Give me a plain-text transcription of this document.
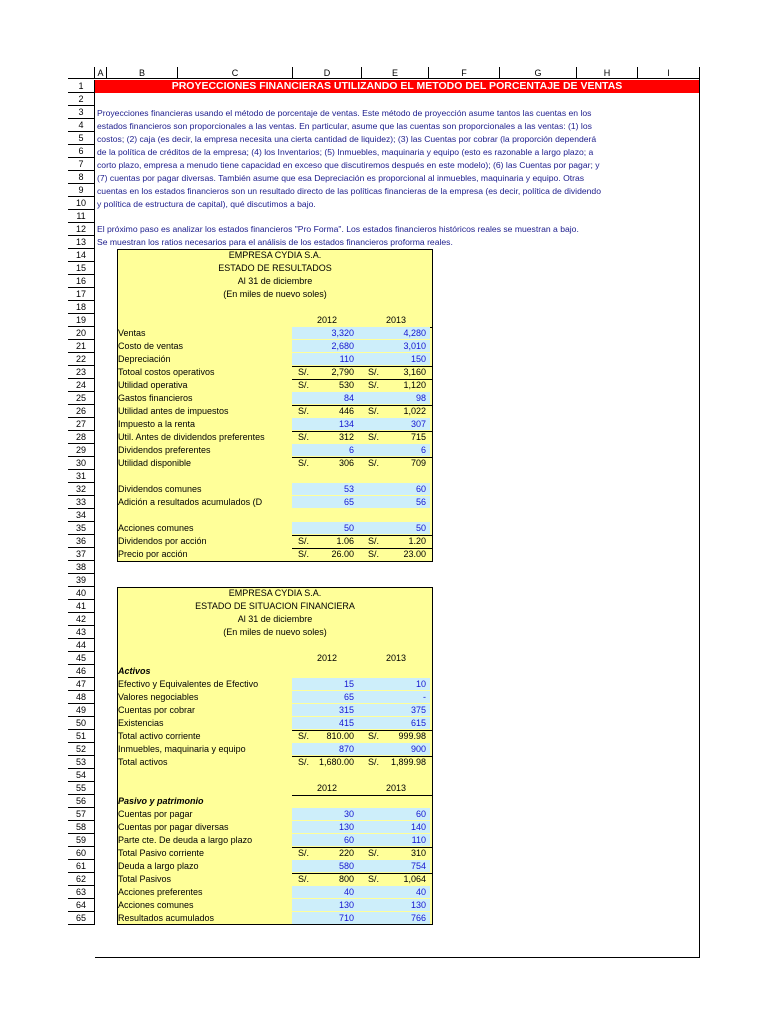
A	B	C	D	E	F	G	H	I
1
2
3
4
5
6
7
8
9
10
11
12
13
14
15
16
17
18
19
20
21
22
23
24
25
26
27
28
29
30
31
32
33
34
35
36
37
38
39
40
41
42
43
44
45
46
47
48
49
50
51
52
53
54
55
56
57
58
59
60
61
62
63
64
65
PROYECCIONES FINANCIERAS UTILIZANDO EL METODO DEL PORCENTAJE DE VENTAS
Proyecciones financieras usando el método de porcentaje de ventas. Este método de proyección asume tantos las cuentas en los
estados financieros son proporcionales a las ventas. En particular, asume que las cuentas son proporcionales a las ventas: (1) los
costos; (2) caja (es decir, la empresa necesita una cierta cantidad de liquidez); (3) las Cuentas por cobrar (la proporción dependerá
de la política de créditos de la empresa; (4) los Inventarios; (5) Inmuebles, maquinaria y equipo (esto es razonable a largo plazo; a
corto plazo, empresa a menudo tiene capacidad en exceso que discutiremos después en este modelo); (6) las Cuentas por pagar; y
(7) cuentas por pagar diversas. También asume que esa Depreciación es proporcional al inmuebles, maquinaria y equipo. Otras
cuentas en los estados financieros son un resultado directo de las políticas financieras de la empresa (es decir, política de dividendo
y política de estructura de capital), qué discutimos a bajo.
El próximo paso es analizar los estados financieros "Pro Forma". Los estados financieros históricos reales se muestran a bajo.
Se muestran los ratios necesarios para el análisis de los estados financieros proforma reales.
EMPRESA CYDIA S.A.
ESTADO DE RESULTADOS
Al 31 de diciembre
(En miles de nuevo soles)
2012	2013
Ventas	3,320	4,280
Costo de ventas	2,680	3,010
Depreciación	110	150
Totoal costos operativos	S/.	2,790 S/.	3,160
Utilidad operativa	S/.	530 S/.	1,120
Gastos financieros	84	98
Utilidad antes de impuestos	S/.	446 S/.	1,022
Impuesto a la renta	134	307
Util. Antes de dividendos preferentes	S/.	312 S/.	715
Dividendos preferentes	6	6
Utilidad disponible	S/.	306 S/.	709
Dividendos comunes	53	60
Adición a resultados acumulados (D	65	56
Acciones comunes	50	50
Dividendos por acción	S/.	1.06 S/.	1.20
Precio por acción	S/.	26.00 S/.	23.00
EMPRESA CYDIA S.A.
ESTADO DE SITUACION FINANCIERA
Al 31 de diciembre
(En miles de nuevo soles)
2012	2013
Activos
Efectivo y Equivalentes de Efectivo	15	10
Valores negociables	65	-
Cuentas por cobrar	315	375
Existencias	415	615
Total activo corriente	S/.	810.00 S/.	999.98
Inmuebles, maquinaria y equipo	870	900
Total activos	S/.	1,680.00 S/.	1,899.98
2012	2013
Pasivo y patrimonio
Cuentas por pagar	30	60
Cuentas por pagar diversas	130	140
Parte cte. De deuda a largo plazo	60	110
Total Pasivo corriente	S/.	220 S/.	310
Deuda a largo plazo	580	754
Total Pasivos	S/.	800 S/.	1,064
Acciones preferentes	40	40
Acciones comunes	130	130
Resultados acumulados	710	766
